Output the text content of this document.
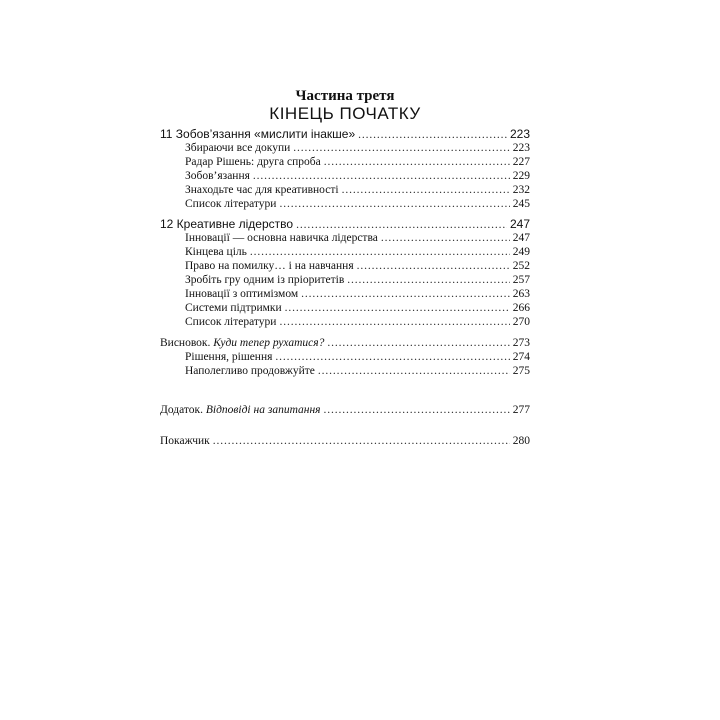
Частина третя
КІНЕЦЬ ПОЧАТКУ
11 Зобов’язання «мислити інакше» . . .	223
Збираючи все докупи . . .	223
Радар Рішень: друга спроба . . .	227
Зобов’язання . . .	229
Знаходьте час для креативності . . .	232
Список літератури . . .	245
12 Креативне лідерство . . .	247
Інновації — основна навичка лідерства . . .	247
Кінцева ціль . . .	249
Право на помилку… і на навчання . . .	252
Зробіть гру одним із пріоритетів . . .	257
Інновації з оптимізмом . . .	263
Системи підтримки . . .	266
Список літератури . . .	270
Висновок. Куди тепер рухатися? . . .	273
Рішення, рішення . . .	274
Наполегливо продовжуйте . . .	275
Додаток. Відповіді на запитання . . .	277
Покажчик . . .	280
